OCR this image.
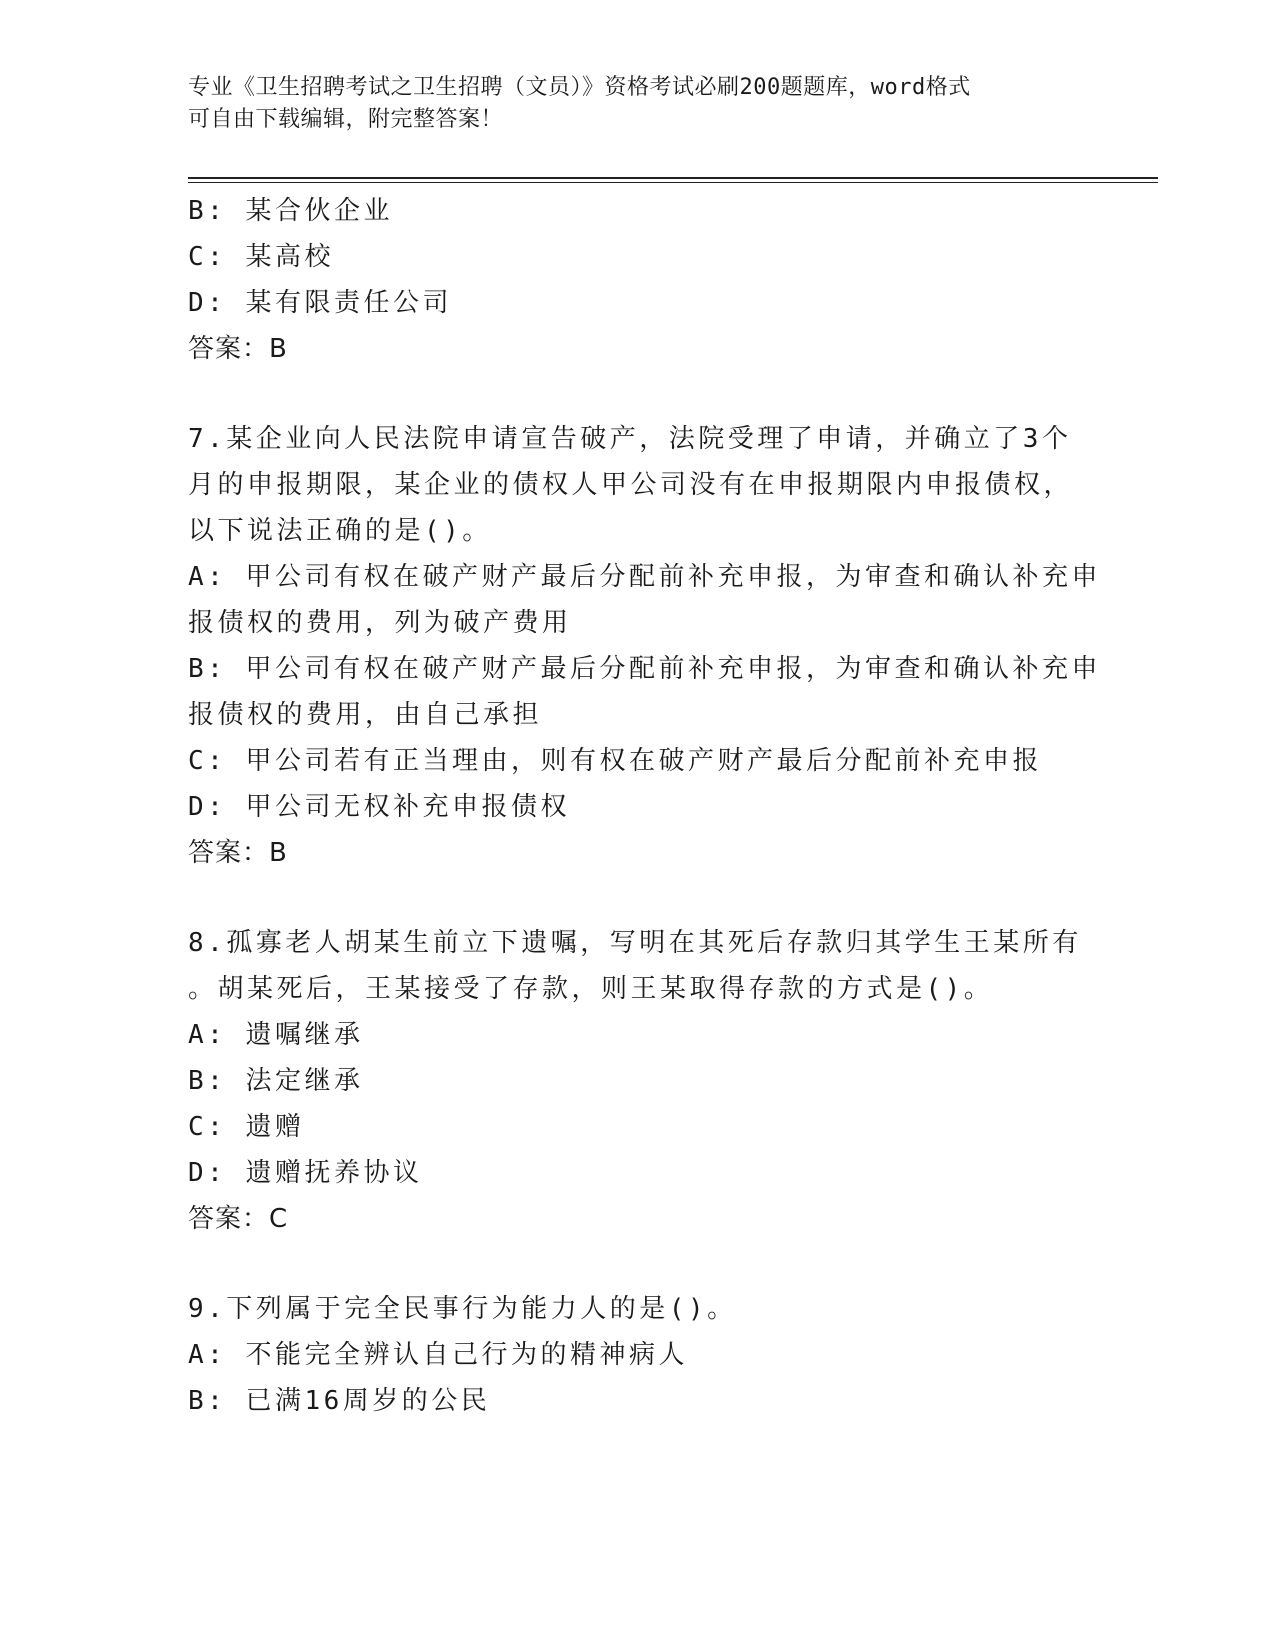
专业《卫生招聘考试之卫生招聘（文员）》资格考试必刷200题题库，word格式
可自由下载编辑，附完整答案！
B: 某合伙企业
C: 某高校
D: 某有限责任公司
答案：B
7.某企业向人民法院申请宣告破产，法院受理了申请，并确立了3个
月的申报期限，某企业的债权人甲公司没有在申报期限内申报债权，
以下说法正确的是()。
A: 甲公司有权在破产财产最后分配前补充申报，为审查和确认补充申
报债权的费用，列为破产费用
B: 甲公司有权在破产财产最后分配前补充申报，为审查和确认补充申
报债权的费用，由自己承担
C: 甲公司若有正当理由，则有权在破产财产最后分配前补充申报
D: 甲公司无权补充申报债权
答案：B
8.孤寡老人胡某生前立下遗嘱，写明在其死后存款归其学生王某所有
。胡某死后，王某接受了存款，则王某取得存款的方式是()。
A: 遗嘱继承
B: 法定继承
C: 遗赠
D: 遗赠抚养协议
答案：C
9.下列属于完全民事行为能力人的是()。
A: 不能完全辨认自己行为的精神病人
B: 已满16周岁的公民
